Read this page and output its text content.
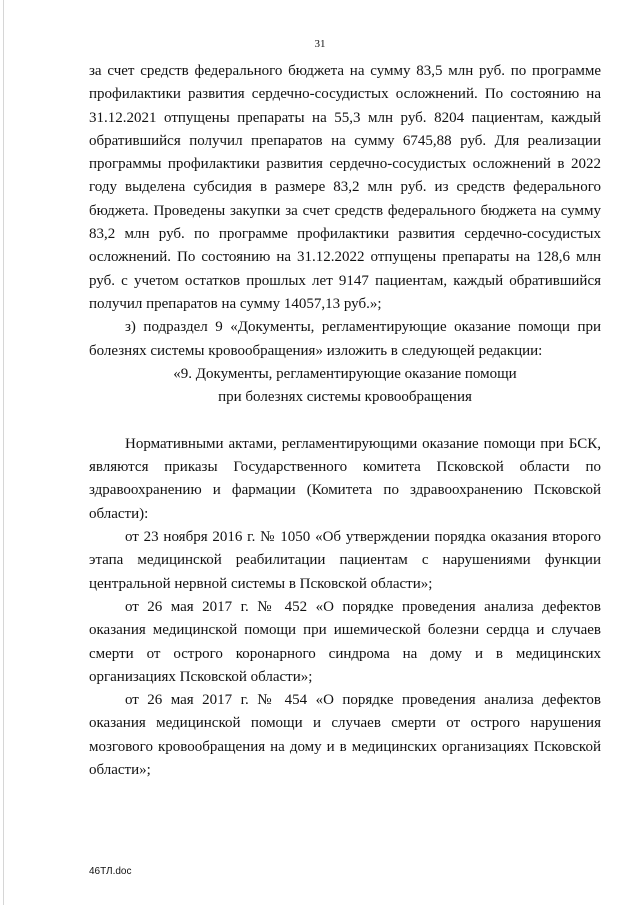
31

за счет средств федерального бюджета на сумму 83,5 млн руб. по программе профилактики развития сердечно-сосудистых осложнений. По состоянию на 31.12.2021 отпущены препараты на 55,3 млн руб. 8204 пациентам, каждый обратившийся получил препаратов на сумму 6745,88 руб. Для реализации программы профилактики развития сердечно-сосудистых осложнений в 2022 году выделена субсидия в размере 83,2 млн руб. из средств федерального бюджета. Проведены закупки за счет средств федерального бюджета на сумму 83,2 млн руб. по программе профилактики развития сердечно-сосудистых осложнений. По состоянию на 31.12.2022 отпущены препараты на 128,6 млн руб. с учетом остатков прошлых лет 9147 пациентам, каждый обратившийся получил препаратов на сумму 14057,13 руб.»;

з) подраздел 9 «Документы, регламентирующие оказание помощи при болезнях системы кровообращения» изложить в следующей редакции:

«9. Документы, регламентирующие оказание помощи
при болезнях системы кровообращения

Нормативными актами, регламентирующими оказание помощи при БСК, являются приказы Государственного комитета Псковской области по здравоохранению и фармации (Комитета по здравоохранению Псковской области):

от 23 ноября 2016 г. № 1050 «Об утверждении порядка оказания второго этапа медицинской реабилитации пациентам с нарушениями функции центральной нервной системы в Псковской области»;

от 26 мая 2017 г. № 452 «О порядке проведения анализа дефектов оказания медицинской помощи при ишемической болезни сердца и случаев смерти от острого коронарного синдрома на дому и в медицинских организациях Псковской области»;

от 26 мая 2017 г. № 454 «О порядке проведения анализа дефектов оказания медицинской помощи и случаев смерти от острого нарушения мозгового кровообращения на дому и в медицинских организациях Псковской области»;

46ТЛ.doc
